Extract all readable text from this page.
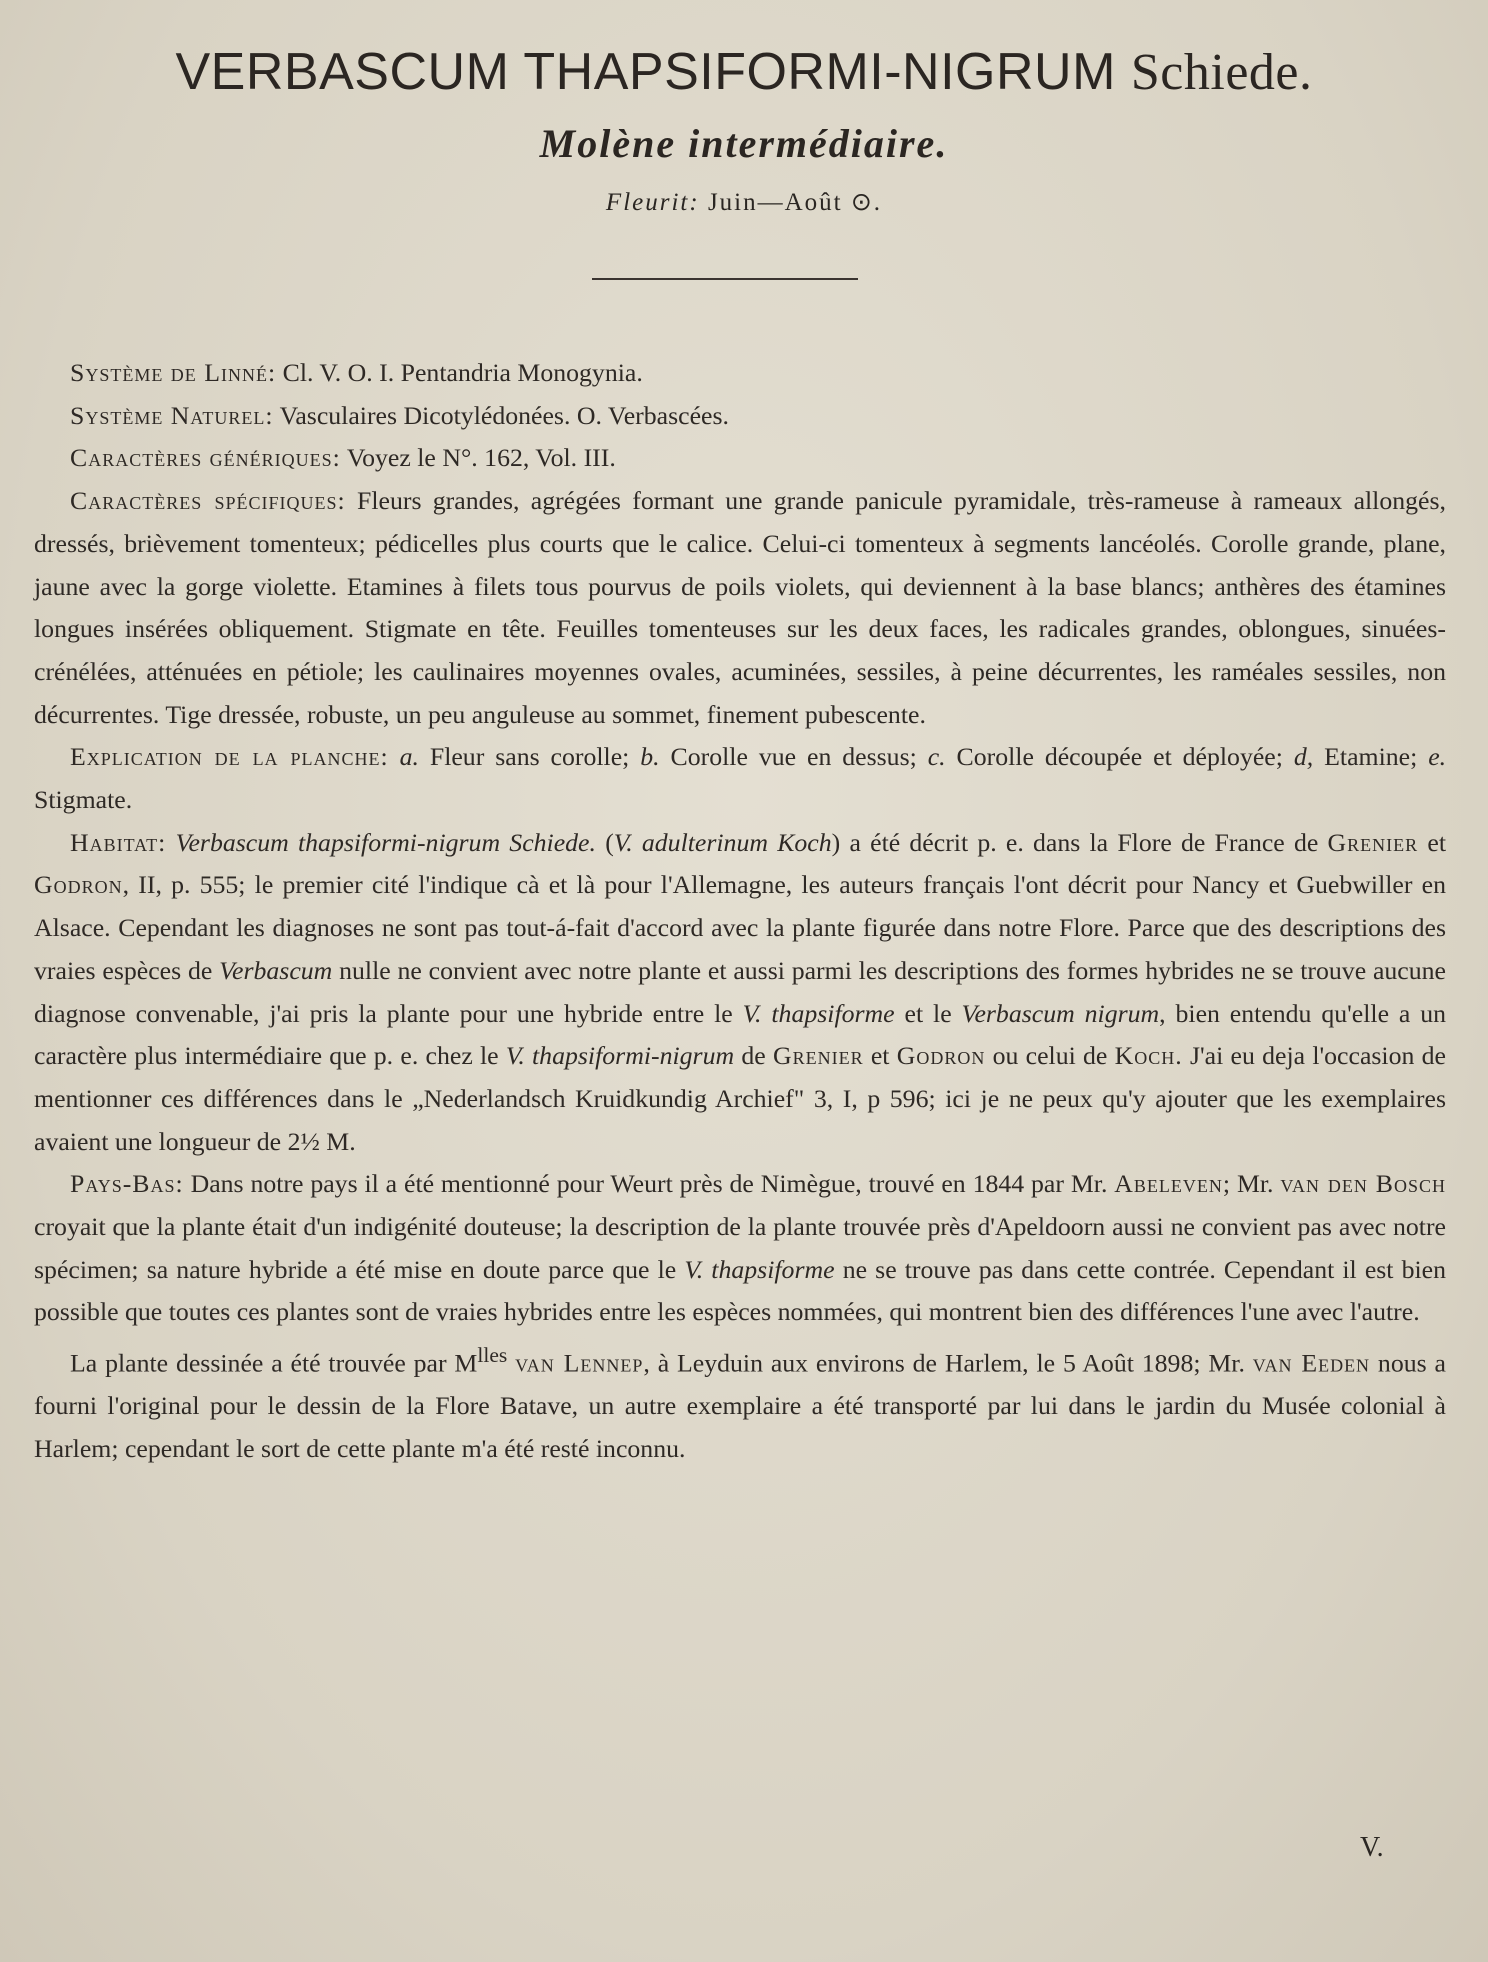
VERBASCUM THAPSIFORMI-NIGRUM Schiede.
Molène intermédiaire.
Fleurit: Juin—Août ⊙.

Système de Linné: Cl. V. O. I. Pentandria Monogynia.

Système Naturel: Vasculaires Dicotylédonées. O. Verbascées.

Caractères génériques: Voyez le N°. 162, Vol. III.

Caractères spécifiques: Fleurs grandes, agrégées formant une grande panicule pyramidale, très-rameuse à rameaux allongés, dressés, brièvement tomenteux; pédicelles plus courts que le calice. Celui-ci tomenteux à segments lancéolés. Corolle grande, plane, jaune avec la gorge violette. Etamines à filets tous pourvus de poils violets, qui deviennent à la base blancs; anthères des étamines longues insérées obliquement. Stigmate en tête. Feuilles tomenteuses sur les deux faces, les radicales grandes, oblongues, sinuées-crénélées, atténuées en pétiole; les caulinaires moyennes ovales, acuminées, sessiles, à peine décurrentes, les raméales sessiles, non décurrentes. Tige dressée, robuste, un peu anguleuse au sommet, finement pubescente.

Explication de la planche: a. Fleur sans corolle; b. Corolle vue en dessus; c. Corolle découpée et déployée; d, Etamine; e. Stigmate.

Habitat: Verbascum thapsiformi-nigrum Schiede. (V. adulterinum Koch) a été décrit p. e. dans la Flore de France de Grenier et Godron, II, p. 555; le premier cité l'indique cà et là pour l'Allemagne, les auteurs français l'ont décrit pour Nancy et Guebwiller en Alsace. Cependant les diagnoses ne sont pas tout-á-fait d'accord avec la plante figurée dans notre Flore. Parce que des descriptions des vraies espèces de Verbascum nulle ne convient avec notre plante et aussi parmi les descriptions des formes hybrides ne se trouve aucune diagnose convenable, j'ai pris la plante pour une hybride entre le V. thapsiforme et le Verbascum nigrum, bien entendu qu'elle a un caractère plus intermédiaire que p. e. chez le V. thapsiformi-nigrum de Grenier et Godron ou celui de Koch. J'ai eu deja l'occasion de mentionner ces différences dans le „Nederlandsch Kruidkundig Archief" 3, I, p 596; ici je ne peux qu'y ajouter que les exemplaires avaient une longueur de 2½ M.

Pays-Bas: Dans notre pays il a été mentionné pour Weurt près de Nimègue, trouvé en 1844 par Mr. Abeleven; Mr. van den Bosch croyait que la plante était d'un indigénité douteuse; la description de la plante trouvée près d'Apeldoorn aussi ne convient pas avec notre spécimen; sa nature hybride a été mise en doute parce que le V. thapsiforme ne se trouve pas dans cette contrée. Cependant il est bien possible que toutes ces plantes sont de vraies hybrides entre les espèces nommées, qui montrent bien des différences l'une avec l'autre.

La plante dessinée a été trouvée par $M^{lles}$ van Lennep, à Leyduin aux environs de Harlem, le 5 Août 1898; Mr. van Eeden nous a fourni l'original pour le dessin de la Flore Batave, un autre exemplaire a été transporté par lui dans le jardin du Musée colonial à Harlem; cependant le sort de cette plante m'a été resté inconnu.

V.
